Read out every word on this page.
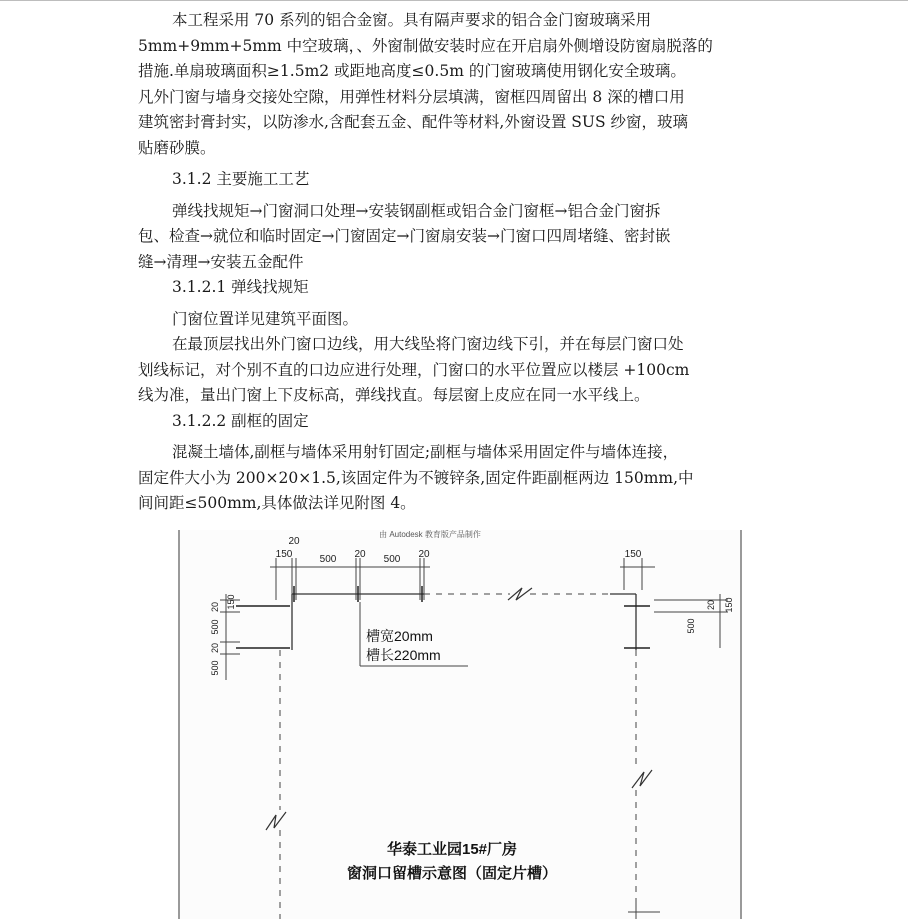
本工程采用 70 系列的铝合金窗。具有隔声要求的铝合金门窗玻璃采用

5mm+9mm+5mm 中空玻璃，、外窗制做安装时应在开启扇外侧增设防窗扇脱落的

措施.单扇玻璃面积≥1.5m2 或距地高度≤0.5m 的门窗玻璃使用钢化安全玻璃。

凡外门窗与墙身交接处空隙，用弹性材料分层填满，窗框四周留出 8 深的槽口用

建筑密封膏封实，以防渗水,含配套五金、配件等材料,外窗设置 SUS 纱窗，玻璃

贴磨砂膜。

3.1.2 主要施工工艺

弹线找规矩→门窗洞口处理→安装钢副框或铝合金门窗框→铝合金门窗拆

包、检查→就位和临时固定→门窗固定→门窗扇安装→门窗口四周堵缝、密封嵌

缝→清理→安装五金配件

3.1.2.1 弹线找规矩

门窗位置详见建筑平面图。

在最顶层找出外门窗口边线，用大线坠将门窗边线下引，并在每层门窗口处

划线标记，对个别不直的口边应进行处理，门窗口的水平位置应以楼层 +100cm

线为准，量出门窗上下皮标高，弹线找直。每层窗上皮应在同一水平线上。

3.1.2.2 副框的固定

混凝土墙体,副框与墙体采用射钉固定;副框与墙体采用固定件与墙体连接，

固定件大小为 200×20×1.5,该固定件为不镀锌条,固定件距副框两边 150mm,中

间间距≤500mm,具体做法详见附图 4。

由 Autodesk 教育版产品制作
150
20
500 20 500 20	150
20 150
500
20
500
150
20
500
槽宽20mm
槽长220mm
华泰工业园15#厂房
窗洞口留槽示意图（固定片槽）
